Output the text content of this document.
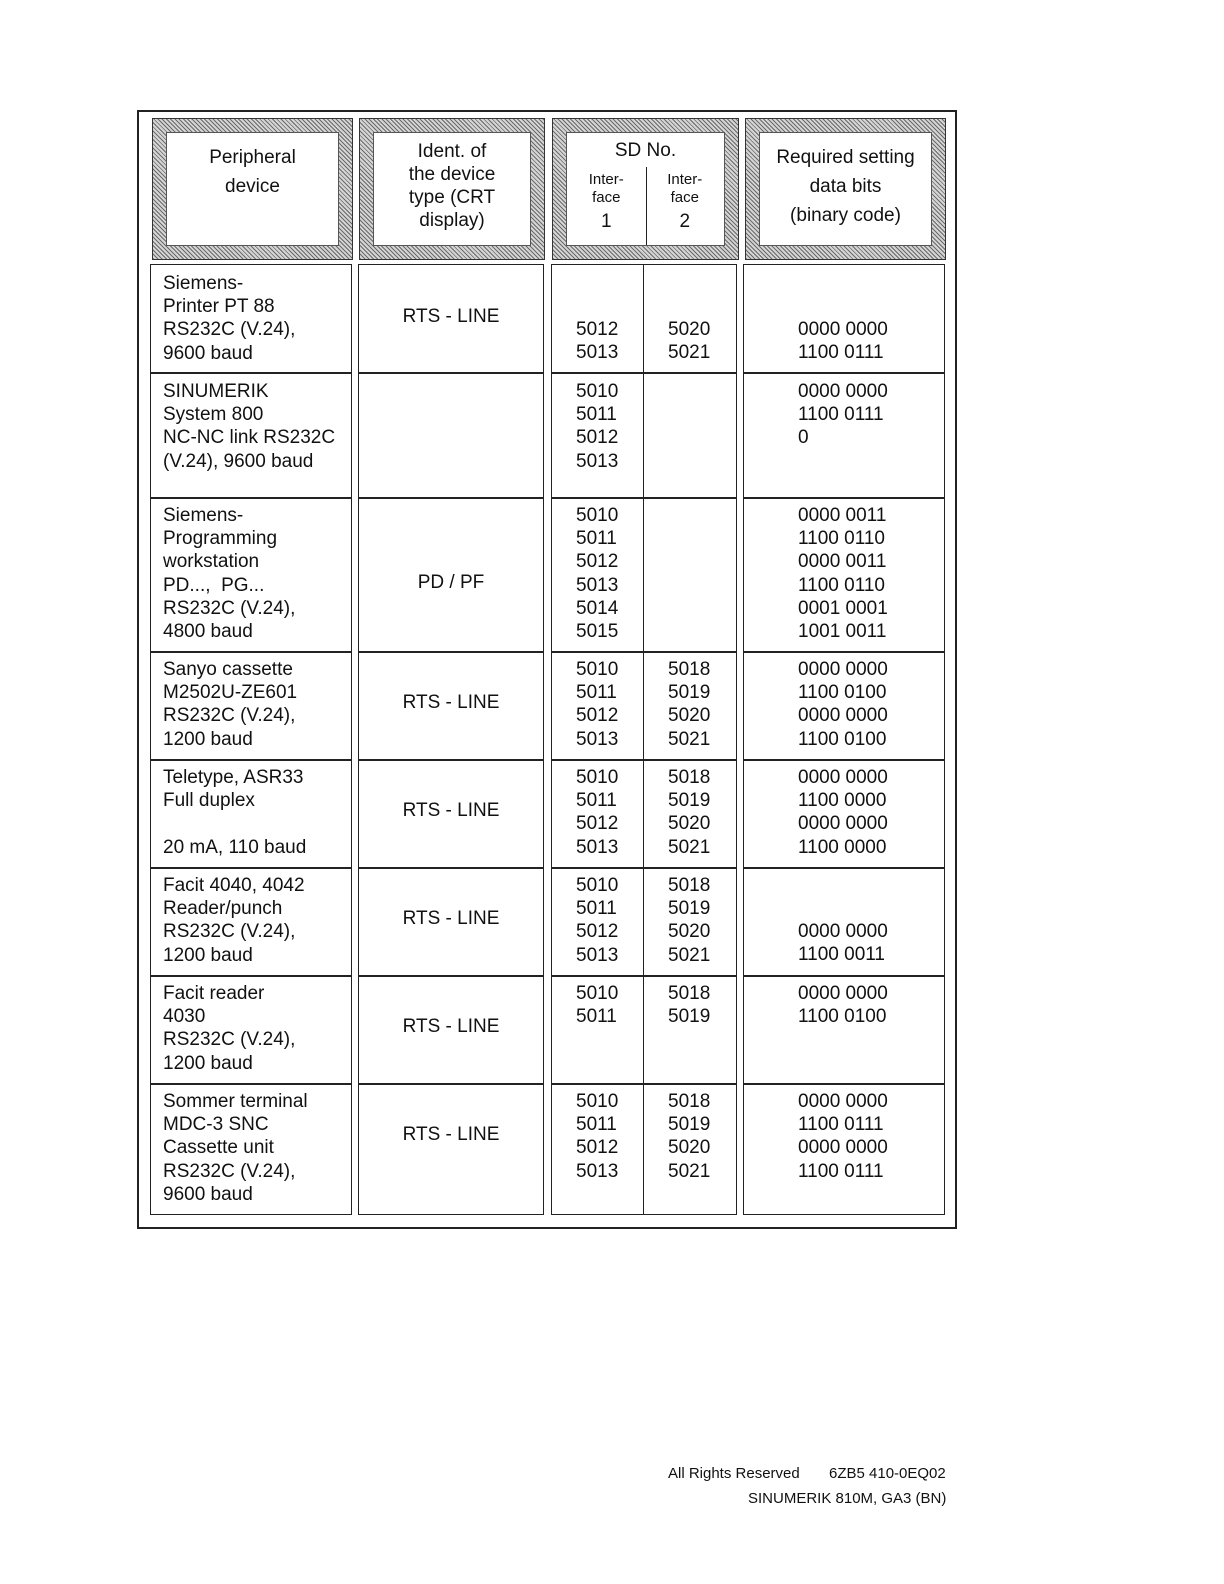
Peripheral
device
Ident. of
the device
type (CRT
display)
SD No.
Inter-
face
Inter-
face
1	2
Required setting
data bits
(binary code)
Siemens-
Printer PT 88
RS232C (V.24),
9600 baud
RTS - LINE
5012
5013
5020
5021
0000 0000
1100 0111
SINUMERIK
System 800
NC-NC link RS232C
(V.24), 9600 baud
5010
5011
5012
5013
0000 0000
1100 0111
0
Siemens-
Programming
workstation
PD...,  PG...
RS232C (V.24),
4800 baud
PD / PF
5010
5011
5012
5013
5014
5015
0000 0011
1100 0110
0000 0011
1100 0110
0001 0001
1001 0011
Sanyo cassette
M2502U-ZE601
RS232C (V.24),
1200 baud
RTS - LINE
5010
5011
5012
5013
5018
5019
5020
5021
0000 0000
1100 0100
0000 0000
1100 0100
Teletype, ASR33
Full duplex
20 mA, 110 baud
RTS - LINE
5010
5011
5012
5013
5018
5019
5020
5021
0000 0000
1100 0000
0000 0000
1100 0000
Facit 4040, 4042
Reader/punch
RS232C (V.24),
1200 baud
RTS - LINE
5010
5011
5012
5013
5018
5019
5020
5021
0000 0000
1100 0011
Facit reader
4030
RS232C (V.24),
1200 baud
RTS - LINE
5010
5011
5018
5019
0000 0000
1100 0100
Sommer terminal
MDC-3 SNC
Cassette unit
RS232C (V.24),
9600 baud
RTS - LINE
5010
5011
5012
5013
5018
5019
5020
5021
0000 0000
1100 0111
0000 0000
1100 0111
All Rights Reserved 6ZB5 410-0EQ02
SINUMERIK 810M, GA3 (BN)
